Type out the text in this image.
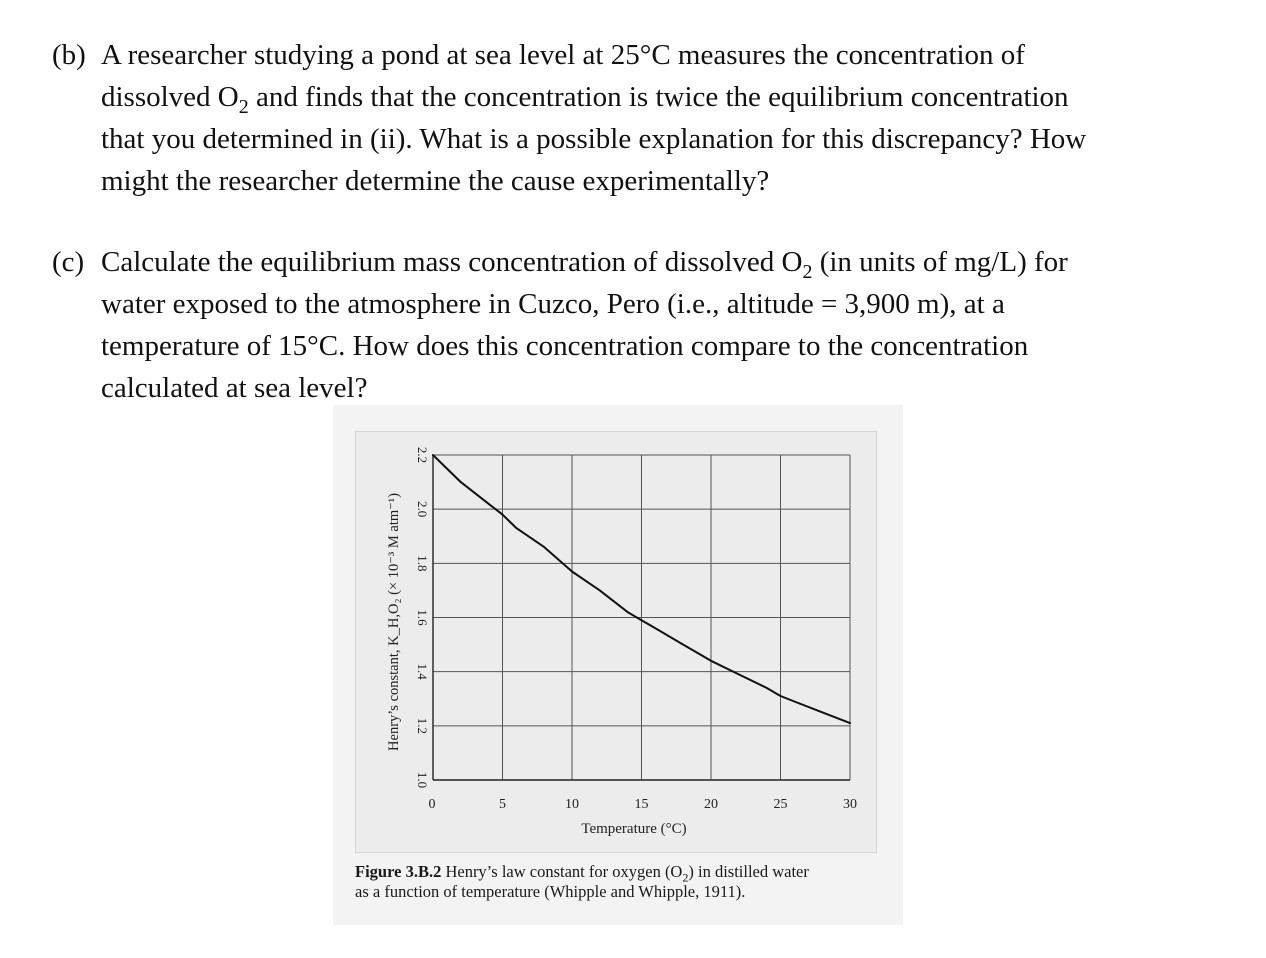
(b) A researcher studying a pond at sea level at 25°C measures the concentration of
dissolved $O_2$ and finds that the concentration is twice the equilibrium concentration
that you determined in (ii). What is a possible explanation for this discrepancy? How
might the researcher determine the cause experimentally?
(c) Calculate the equilibrium mass concentration of dissolved $O_2$ (in units of mg/L) for
water exposed to the atmosphere in Cuzco, Pero (i.e., altitude = 3,900 m), at a
temperature of 15°C. How does this concentration compare to the concentration
calculated at sea level?
0	5	10	15	20	25	30
1.0
1.2
1.4
1.6
1.8
2.0
2.2
Temperature (°C)
Henry’s constant, K_H,O₂ (× 10⁻³ M atm⁻¹)
Figure 3.B.2 Henry’s law constant for oxygen $(O_2)$ in distilled water
as a function of temperature (Whipple and Whipple, 1911).
